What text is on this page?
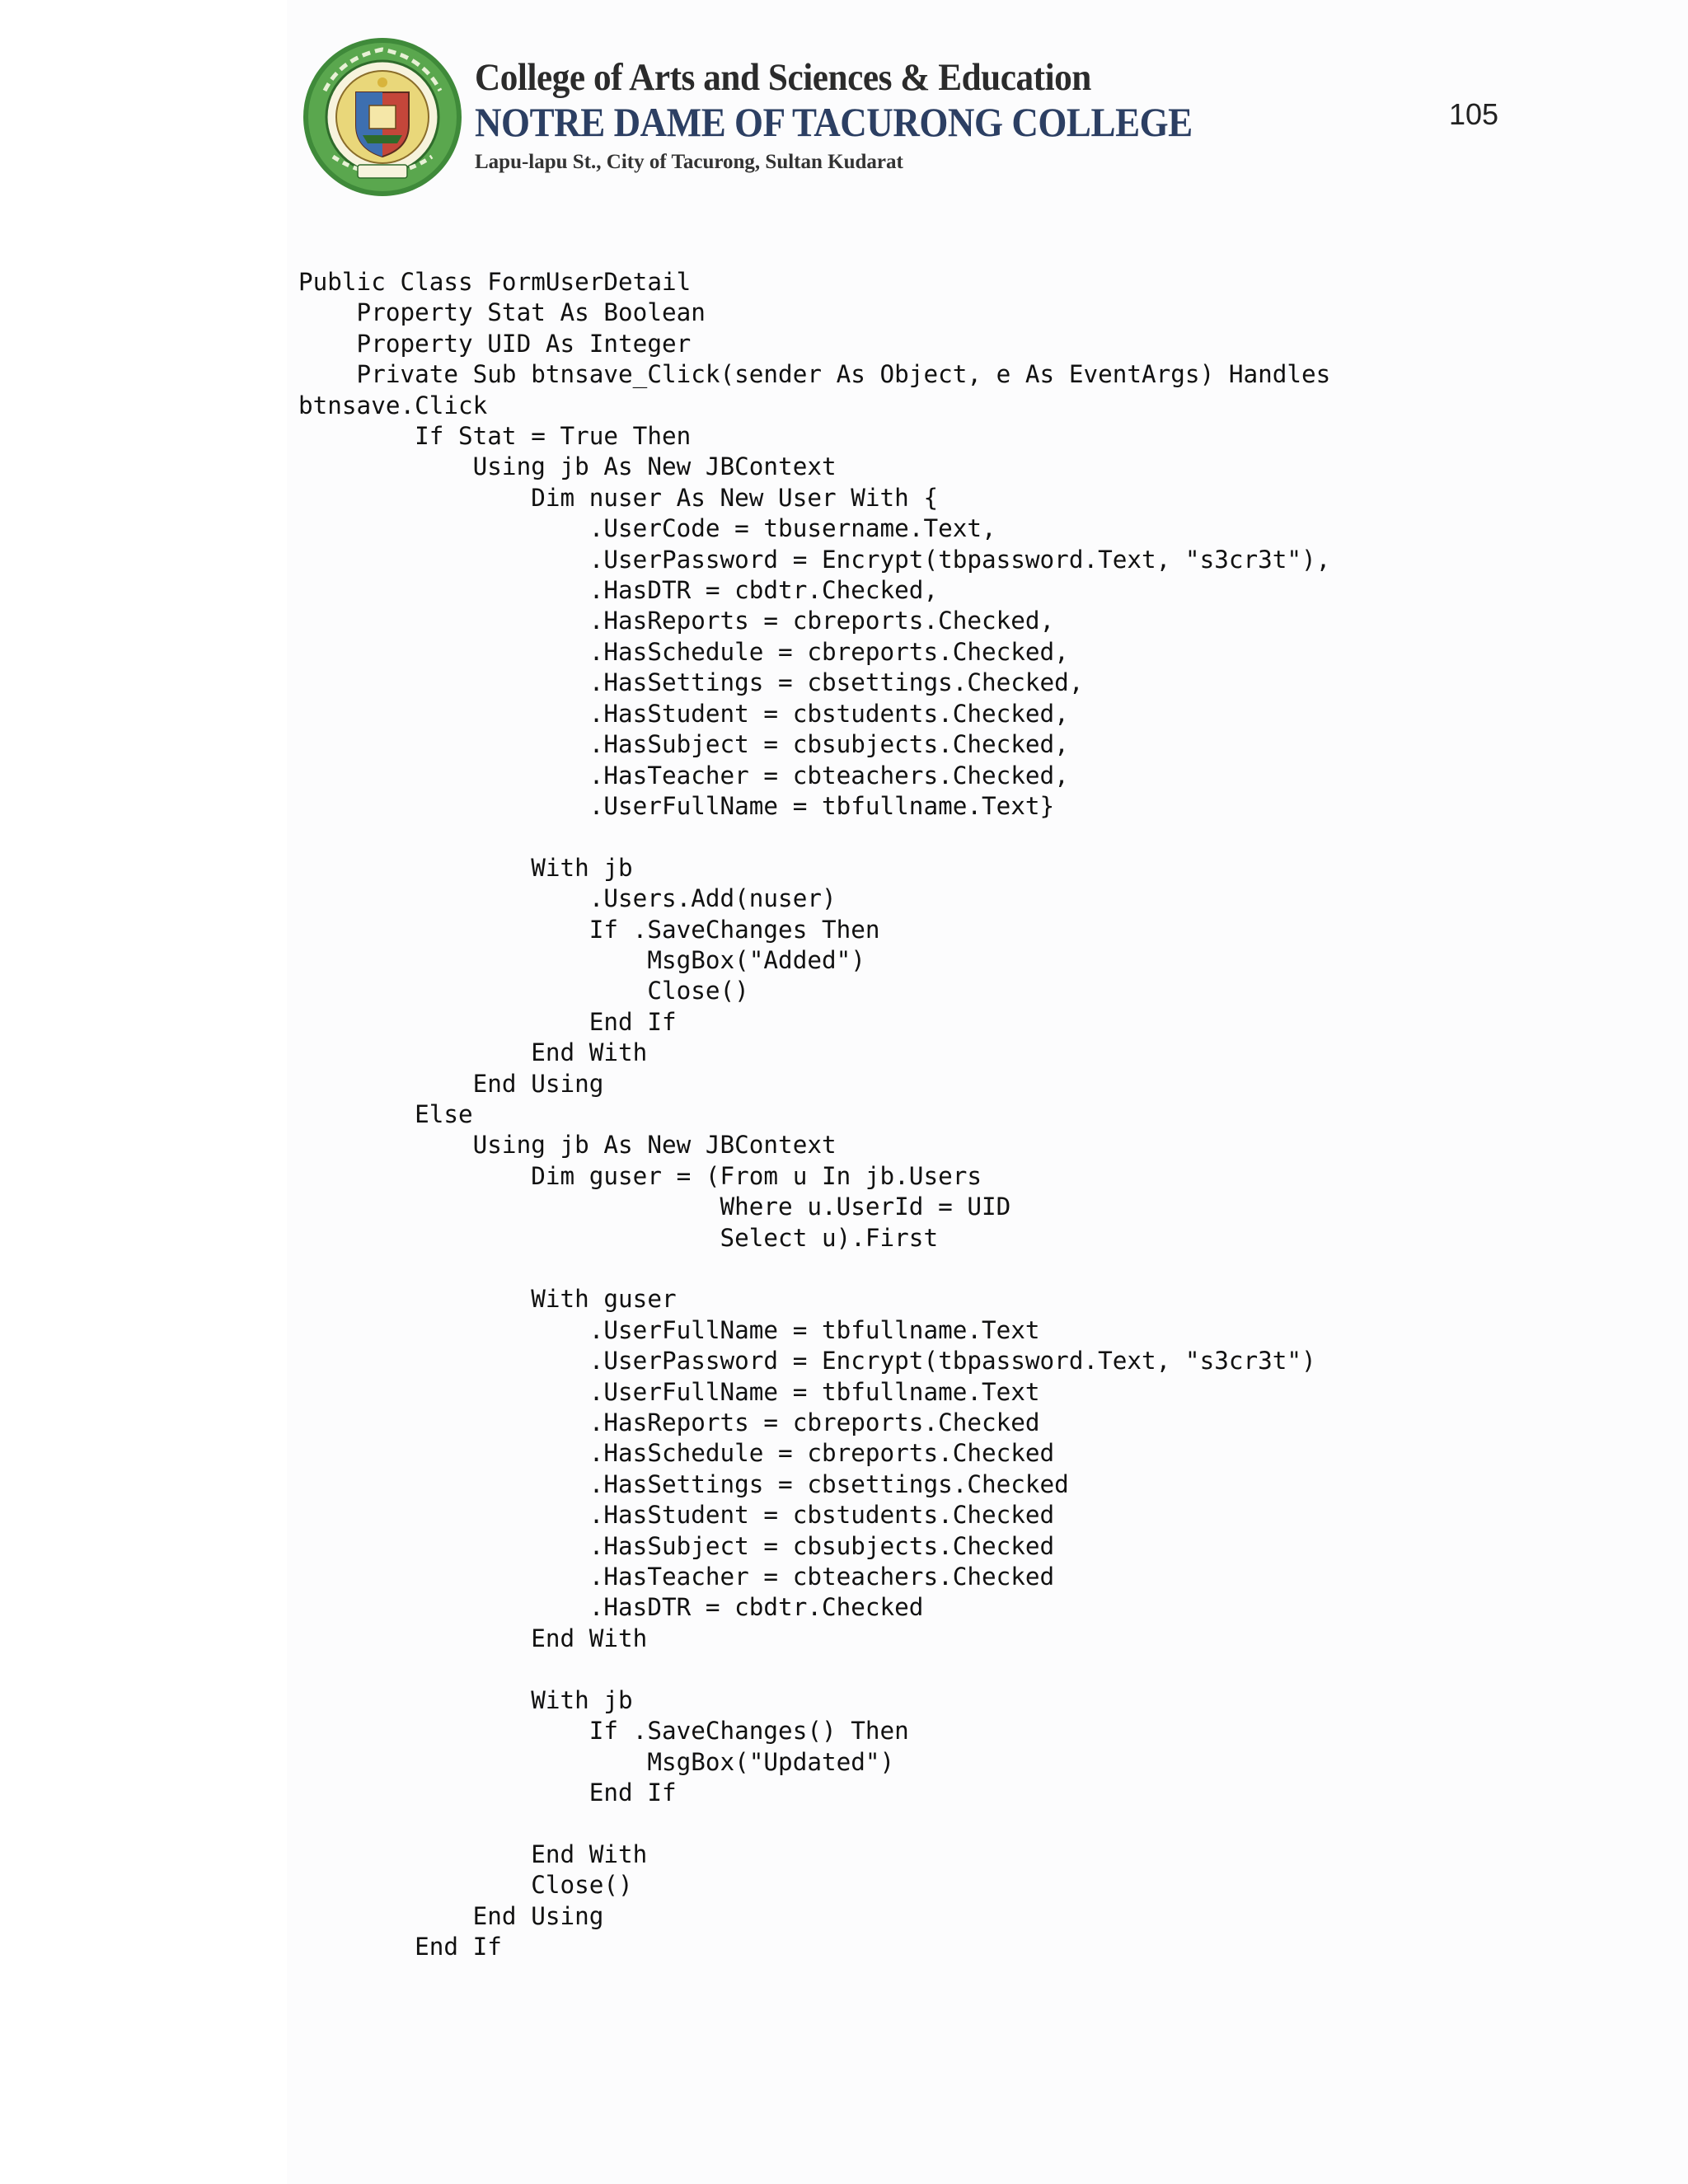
College of Arts and Sciences & Education
NOTRE DAME OF TACURONG COLLEGE
Lapu-lapu St., City of Tacurong, Sultan Kudarat
105
Public Class FormUserDetail
Property Stat As Boolean
Property UID As Integer
Private Sub btnsave_Click(sender As Object, e As EventArgs) Handles
btnsave.Click
If Stat = True Then
Using jb As New JBContext
Dim nuser As New User With {
.UserCode = tbusername.Text,
.UserPassword = Encrypt(tbpassword.Text, "s3cr3t"),
.HasDTR = cbdtr.Checked,
.HasReports = cbreports.Checked,
.HasSchedule = cbreports.Checked,
.HasSettings = cbsettings.Checked,
.HasStudent = cbstudents.Checked,
.HasSubject = cbsubjects.Checked,
.HasTeacher = cbteachers.Checked,
.UserFullName = tbfullname.Text}

With jb
.Users.Add(nuser)
If .SaveChanges Then
MsgBox("Added")
Close()
End If
End With
End Using
Else
Using jb As New JBContext
Dim guser = (From u In jb.Users
Where u.UserId = UID
Select u).First

With guser
.UserFullName = tbfullname.Text
.UserPassword = Encrypt(tbpassword.Text, "s3cr3t")
.UserFullName = tbfullname.Text
.HasReports = cbreports.Checked
.HasSchedule = cbreports.Checked
.HasSettings = cbsettings.Checked
.HasStudent = cbstudents.Checked
.HasSubject = cbsubjects.Checked
.HasTeacher = cbteachers.Checked
.HasDTR = cbdtr.Checked
End With

With jb
If .SaveChanges() Then
MsgBox("Updated")
End If

End With
Close()
End Using
End If
